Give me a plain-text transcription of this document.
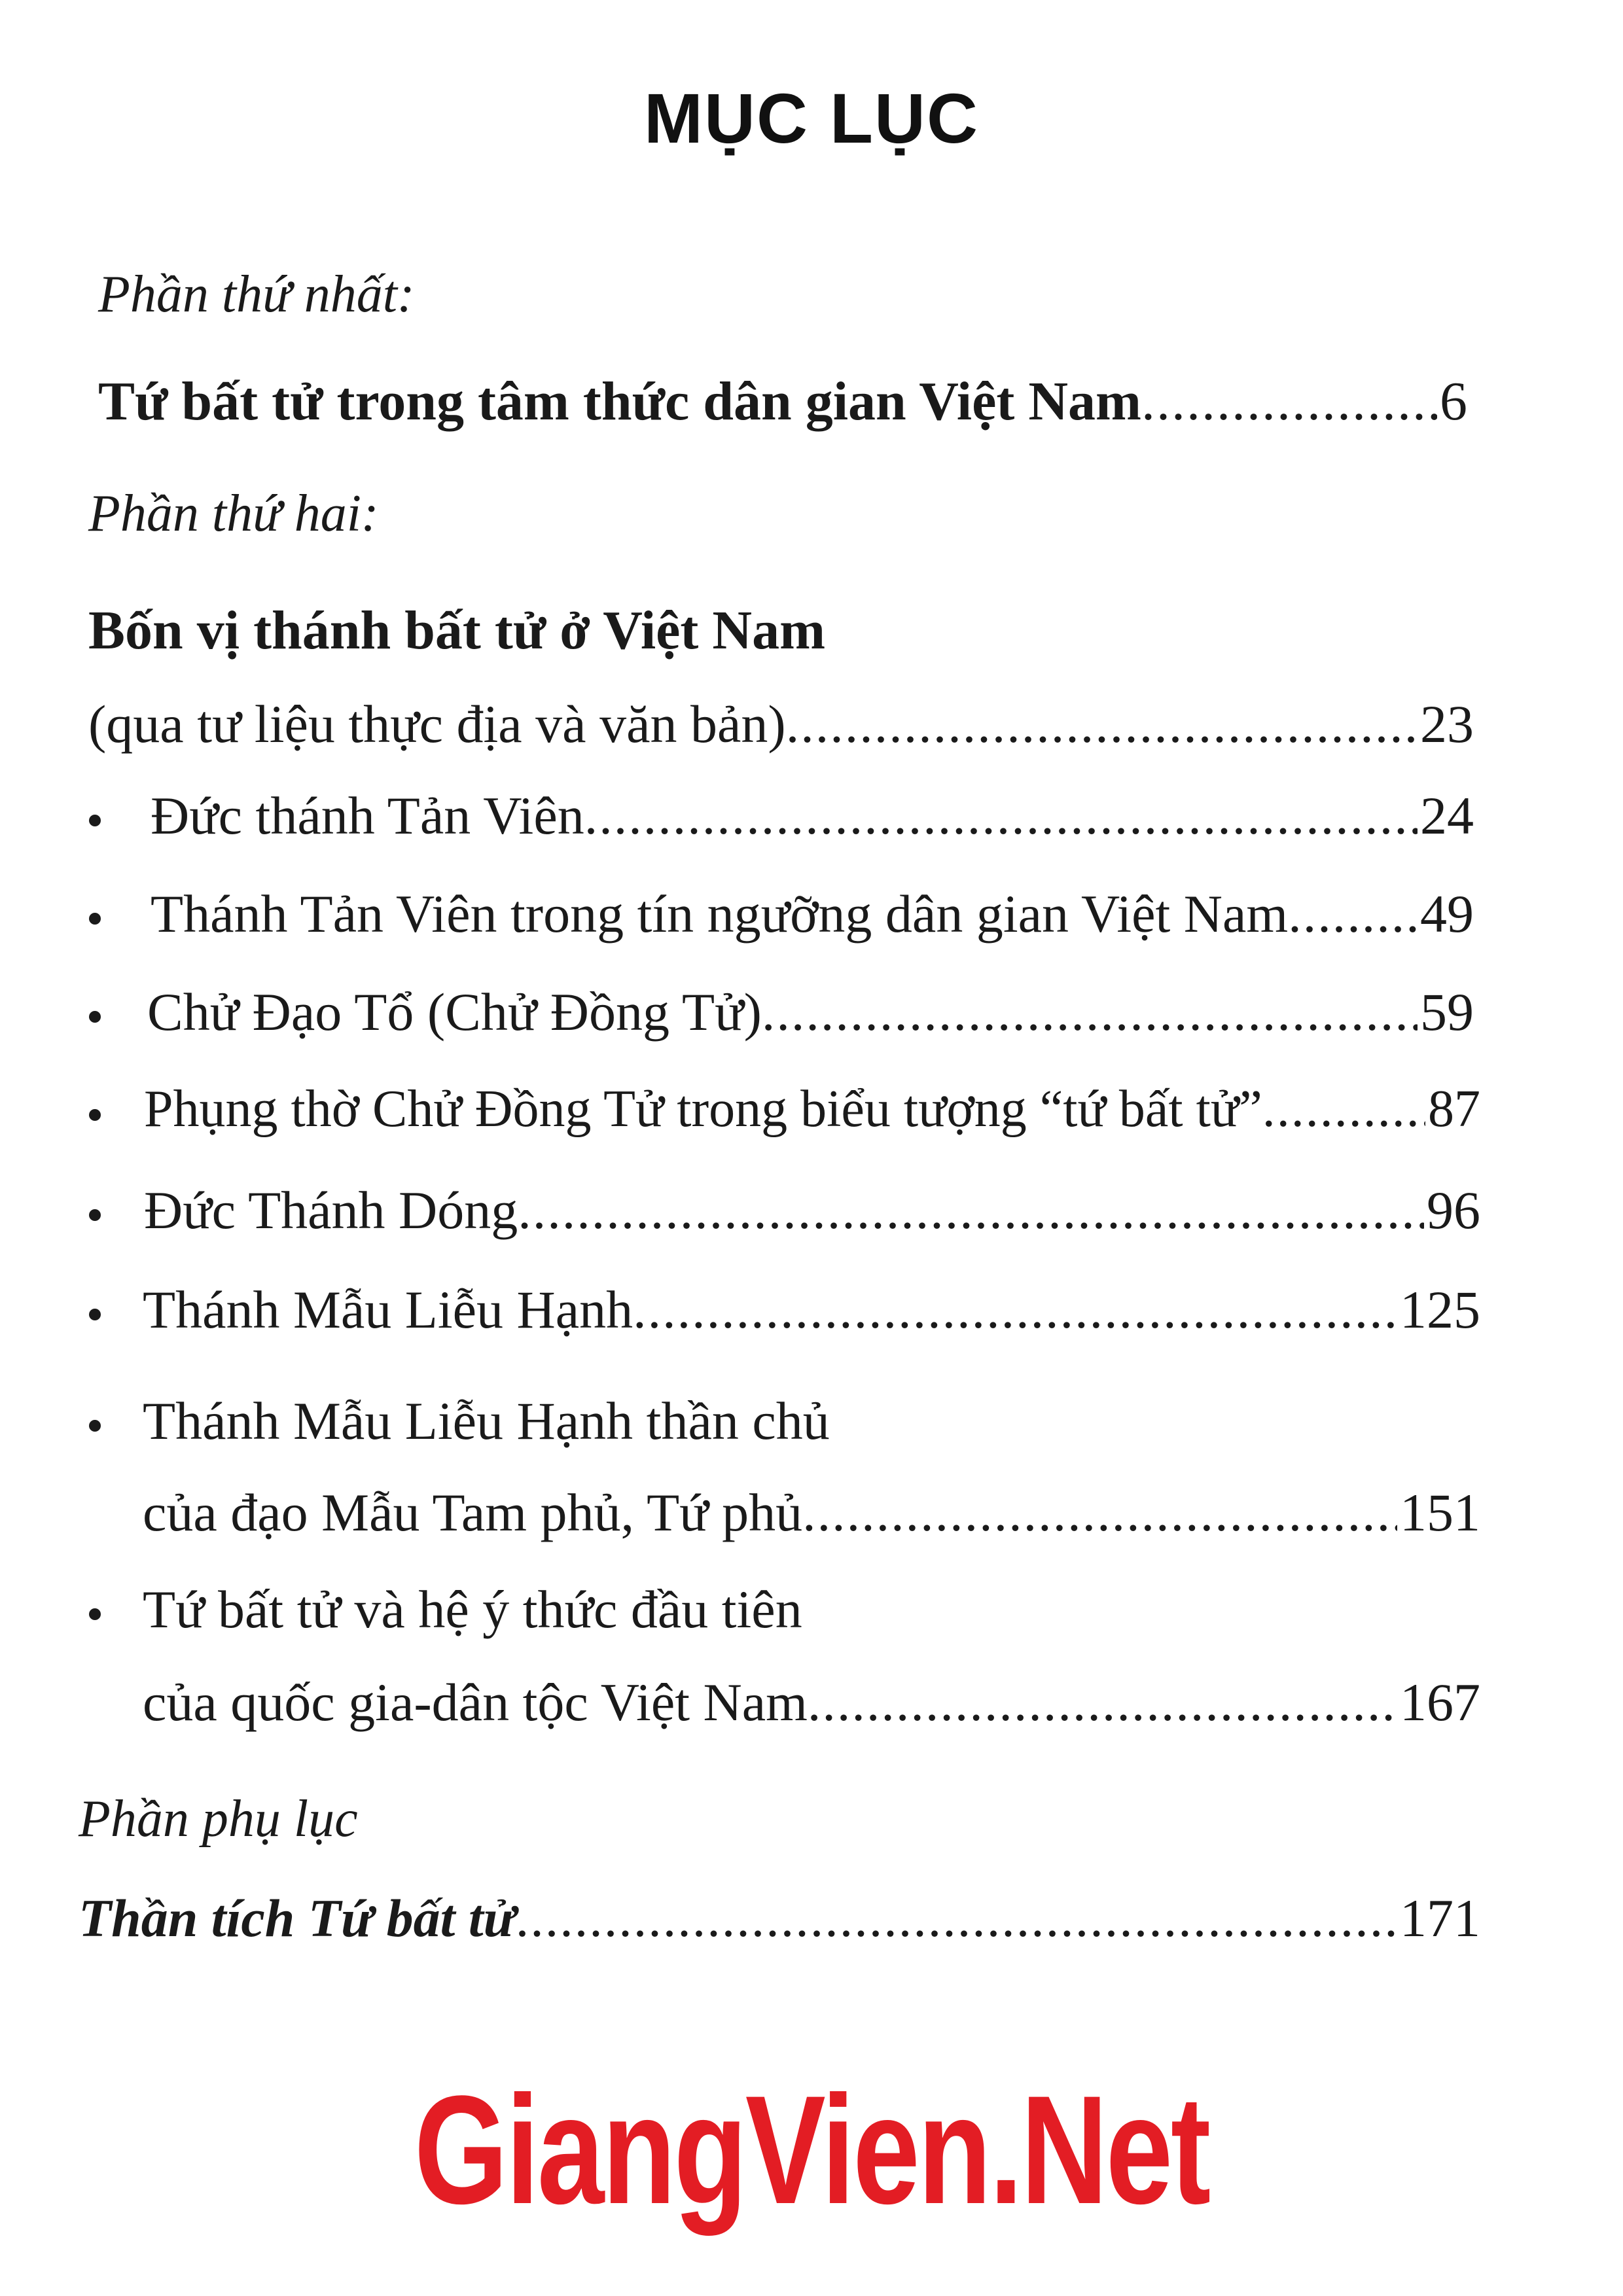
MỤC LỤC
Phần thứ nhất:
Tứ bất tử trong tâm thức dân gian Việt Nam .....	6
Phần thứ hai:
Bốn vị thánh bất tử ở Việt Nam
(qua tư liệu thực địa và văn bản) .....	23
Đức thánh Tản Viên .....	24
Thánh Tản Viên trong tín ngưỡng dân gian Việt Nam ..... 49
Chử Đạo Tổ (Chử Đồng Tử) .....	59
Phụng thờ Chử Đồng Tử trong biểu tượng “tứ bất tử” .....	87
Đức Thánh Dóng .....	96
Thánh Mẫu Liễu Hạnh .....	125
Thánh Mẫu Liễu Hạnh thần chủ
của đạo Mẫu Tam phủ, Tứ phủ .....	151
Tứ bất tử và hệ ý thức đầu tiên
của quốc gia-dân tộc Việt Nam .....	167
Phần phụ lục
Thần tích Tứ bất tử .....	171
GiangVien.Net
